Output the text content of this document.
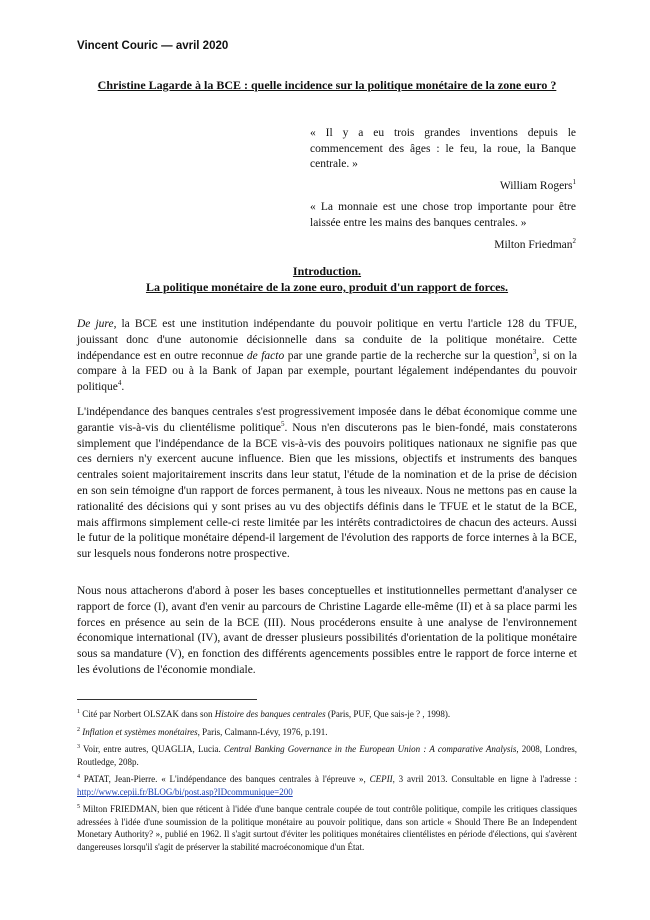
Vincent Couric — avril 2020
Christine Lagarde à la BCE : quelle incidence sur la politique monétaire de la zone euro ?
« Il y a eu trois grandes inventions depuis le commencement des âges : le feu, la roue, la Banque centrale. »
William Rogers$^1$
« La monnaie est une chose trop importante pour être laissée entre les mains des banques centrales. »
Milton Friedman$^2$
Introduction.
La politique monétaire de la zone euro, produit d'un rapport de forces.

De jure, la BCE est une institution indépendante du pouvoir politique en vertu l'article 128 du TFUE, jouissant donc d'une autonomie décisionnelle dans sa conduite de la politique monétaire. Cette indépendance est en outre reconnue de facto par une grande partie de la recherche sur la question$^3$, si on la compare à la FED ou à la Bank of Japan par exemple, pourtant légalement indépendantes du pouvoir politique$^4$.

L'indépendance des banques centrales s'est progressivement imposée dans le débat économique comme une garantie vis-à-vis du clientélisme politique$^5$. Nous n'en discuterons pas le bien-fondé, mais constaterons simplement que l'indépendance de la BCE vis-à-vis des pouvoirs politiques nationaux ne signifie pas que ces derniers n'y exercent aucune influence. Bien que les missions, objectifs et instruments des banques centrales soient majoritairement inscrits dans leur statut, l'étude de la nomination et de la prise de décision en son sein témoigne d'un rapport de forces permanent, à tous les niveaux. Nous ne mettons pas en cause la rationalité des décisions qui y sont prises au vu des objectifs définis dans le TFUE et le statut de la BCE, mais affirmons simplement celle-ci reste limitée par les intérêts contradictoires de chacun des acteurs. Aussi le futur de la politique monétaire dépend-il largement de l'évolution des rapports de force internes à la BCE, sur lesquels nous fonderons notre prospective.

Nous nous attacherons d'abord à poser les bases conceptuelles et institutionnelles permettant d'analyser ce rapport de force (I), avant d'en venir au parcours de Christine Lagarde elle-même (II) et à sa place parmi les forces en présence au sein de la BCE (III). Nous procéderons ensuite à une analyse de l'environnement économique international (IV), avant de dresser plusieurs possibilités d'orientation de la politique monétaire sous sa mandature (V), en fonction des différents agencements possibles entre le rapport de force interne et les évolutions de l'économie mondiale.

$^1$ Cité par Norbert OLSZAK dans son Histoire des banques centrales (Paris, PUF, Que sais-je ? , 1998).
$^2$ Inflation et systèmes monétaires, Paris, Calmann-Lévy, 1976, p.191.
$^3$ Voir, entre autres, QUAGLIA, Lucia. Central Banking Governance in the European Union : A comparative Analysis, 2008, Londres, Routledge, 208p.
$^4$ PATAT, Jean-Pierre. « L'indépendance des banques centrales à l'épreuve », CEPII, 3 avril 2013. Consultable en ligne à l'adresse : http://www.cepii.fr/BLOG/bi/post.asp?IDcommunique=200
$^5$ Milton FRIEDMAN, bien que réticent à l'idée d'une banque centrale coupée de tout contrôle politique, compile les critiques classiques adressées à l'idée d'une soumission de la politique monétaire au pouvoir politique, dans son article « Should There Be an Independent Monetary Authority? », publié en 1962. Il s'agit surtout d'éviter les politiques monétaires clientélistes en période d'élections, qui s'avèrent dangereuses lorsqu'il s'agit de préserver la stabilité macroéconomique d'un État.
